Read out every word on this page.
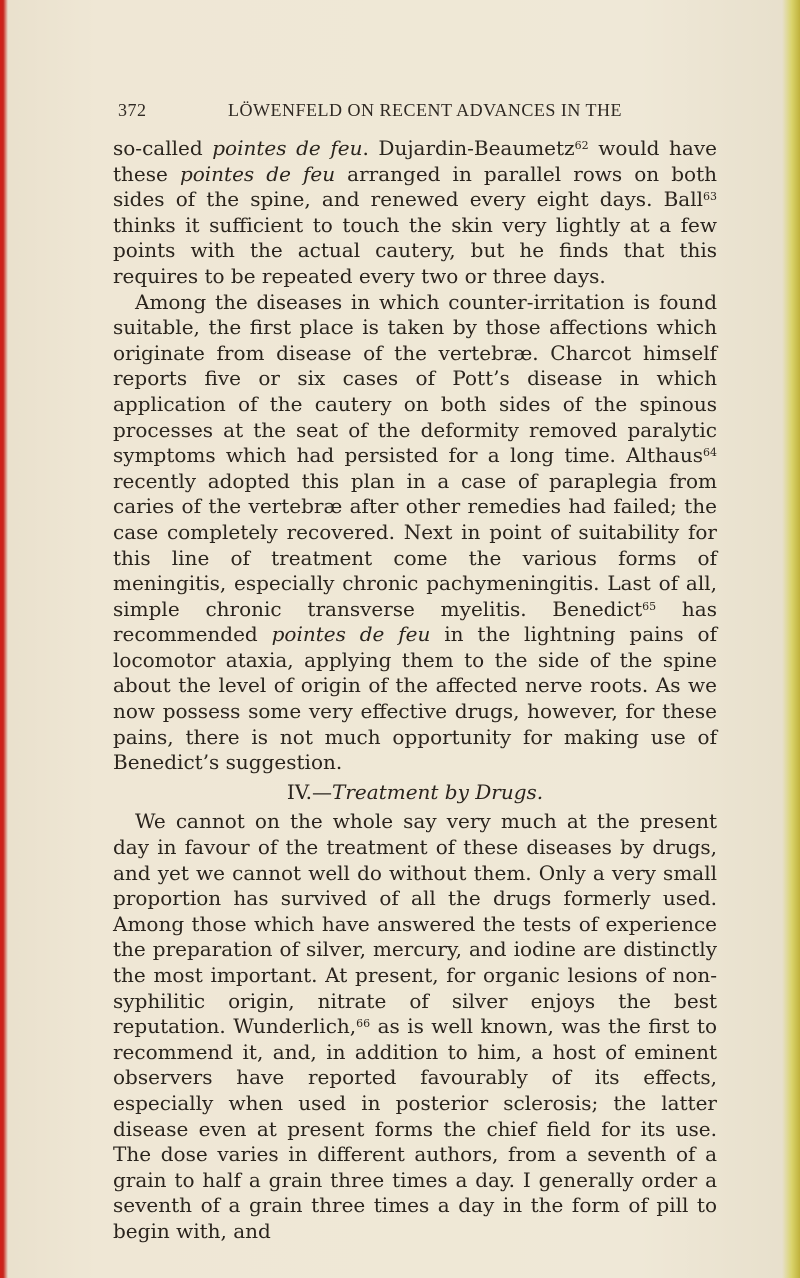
372	LÖWENFELD ON RECENT ADVANCES IN THE

so-called pointes de feu. Dujardin-Beaumetz$^{62}$ would have these pointes de feu arranged in parallel rows on both sides of the spine, and renewed every eight days. Ball$^{63}$ thinks it sufficient to touch the skin very lightly at a few points with the actual cautery, but he finds that this requires to be repeated every two or three days.

Among the diseases in which counter-irritation is found suitable, the first place is taken by those affections which originate from disease of the vertebræ. Charcot himself reports five or six cases of Pott’s disease in which application of the cautery on both sides of the spinous processes at the seat of the deformity removed paralytic symptoms which had persisted for a long time. Althaus$^{64}$ recently adopted this plan in a case of paraplegia from caries of the vertebræ after other remedies had failed; the case completely recovered. Next in point of suitability for this line of treatment come the various forms of meningitis, especially chronic pachymeningitis. Last of all, simple chronic transverse myelitis. Benedict$^{65}$ has recommended pointes de feu in the lightning pains of locomotor ataxia, applying them to the side of the spine about the level of origin of the affected nerve roots. As we now possess some very effective drugs, however, for these pains, there is not much opportunity for making use of Benedict’s suggestion.

IV.—Treatment by Drugs.

We cannot on the whole say very much at the present day in favour of the treatment of these diseases by drugs, and yet we cannot well do without them. Only a very small proportion has survived of all the drugs formerly used. Among those which have answered the tests of experience the preparation of silver, mercury, and iodine are distinctly the most important. At present, for organic lesions of non-syphilitic origin, nitrate of silver enjoys the best reputation. Wunderlich,$^{66}$ as is well known, was the first to recommend it, and, in addition to him, a host of eminent observers have reported favourably of its effects, especially when used in posterior sclerosis; the latter disease even at present forms the chief field for its use. The dose varies in different authors, from a seventh of a grain to half a grain three times a day. I generally order a seventh of a grain three times a day in the form of pill to begin with, and
